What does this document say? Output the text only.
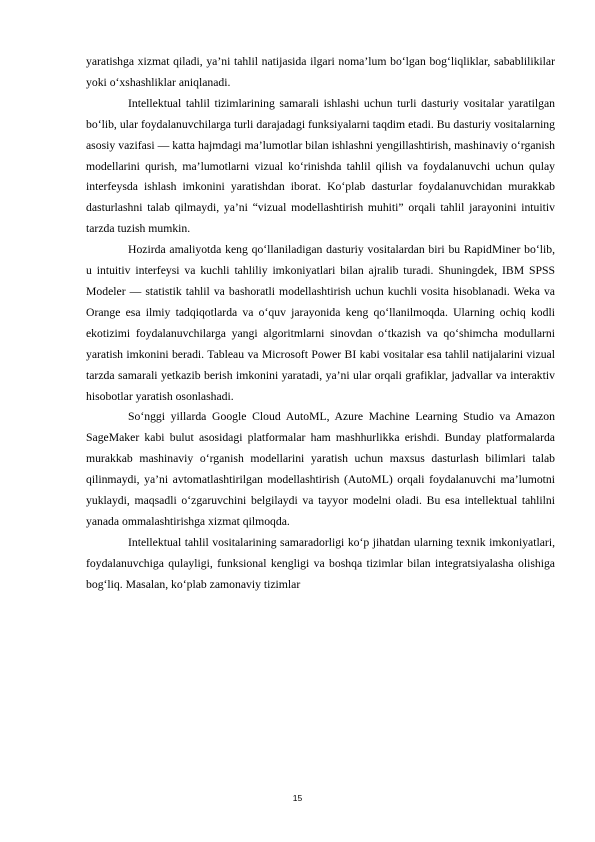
yaratishga xizmat qiladi, ya’ni tahlil natijasida ilgari noma’lum bo‘lgan bog‘liqliklar, sabablilikilar yoki o‘xshashliklar aniqlanadi.

Intellektual tahlil tizimlarining samarali ishlashi uchun turli dasturiy vositalar yaratilgan bo‘lib, ular foydalanuvchilarga turli darajadagi funksiyalarni taqdim etadi. Bu dasturiy vositalarning asosiy vazifasi — katta hajmdagi ma’lumotlar bilan ishlashni yengillashtirish, mashinaviy o‘rganish modellarini qurish, ma’lumotlarni vizual ko‘rinishda tahlil qilish va foydalanuvchi uchun qulay interfeysda ishlash imkonini yaratishdan iborat. Ko‘plab dasturlar foydalanuvchidan murakkab dasturlashni talab qilmaydi, ya’ni “vizual modellashtirish muhiti” orqali tahlil jarayonini intuitiv tarzda tuzish mumkin.

Hozirda amaliyotda keng qo‘llaniladigan dasturiy vositalardan biri bu RapidMiner bo‘lib, u intuitiv interfeysi va kuchli tahliliy imkoniyatlari bilan ajralib turadi. Shuningdek, IBM SPSS Modeler — statistik tahlil va bashoratli modellashtirish uchun kuchli vosita hisoblanadi. Weka va Orange esa ilmiy tadqiqotlarda va o‘quv jarayonida keng qo‘llanilmoqda. Ularning ochiq kodli ekotizimi foydalanuvchilarga yangi algoritmlarni sinovdan o‘tkazish va qo‘shimcha modullarni yaratish imkonini beradi. Tableau va Microsoft Power BI kabi vositalar esa tahlil natijalarini vizual tarzda samarali yetkazib berish imkonini yaratadi, ya’ni ular orqali grafiklar, jadvallar va interaktiv hisobotlar yaratish osonlashadi.

So‘nggi yillarda Google Cloud AutoML, Azure Machine Learning Studio va Amazon SageMaker kabi bulut asosidagi platformalar ham mashhurlikka erishdi. Bunday platformalarda murakkab mashinaviy o‘rganish modellarini yaratish uchun maxsus dasturlash bilimlari talab qilinmaydi, ya’ni avtomatlashtirilgan modellashtirish (AutoML) orqali foydalanuvchi ma’lumotni yuklaydi, maqsadli o‘zgaruvchini belgilaydi va tayyor modelni oladi. Bu esa intellektual tahlilni yanada ommalashtirishga xizmat qilmoqda.

Intellektual tahlil vositalarining samaradorligi ko‘p jihatdan ularning texnik imkoniyatlari, foydalanuvchiga qulayligi, funksional kengligi va boshqa tizimlar bilan integratsiyalasha olishiga bog‘liq. Masalan, ko‘plab zamonaviy tizimlar

15
